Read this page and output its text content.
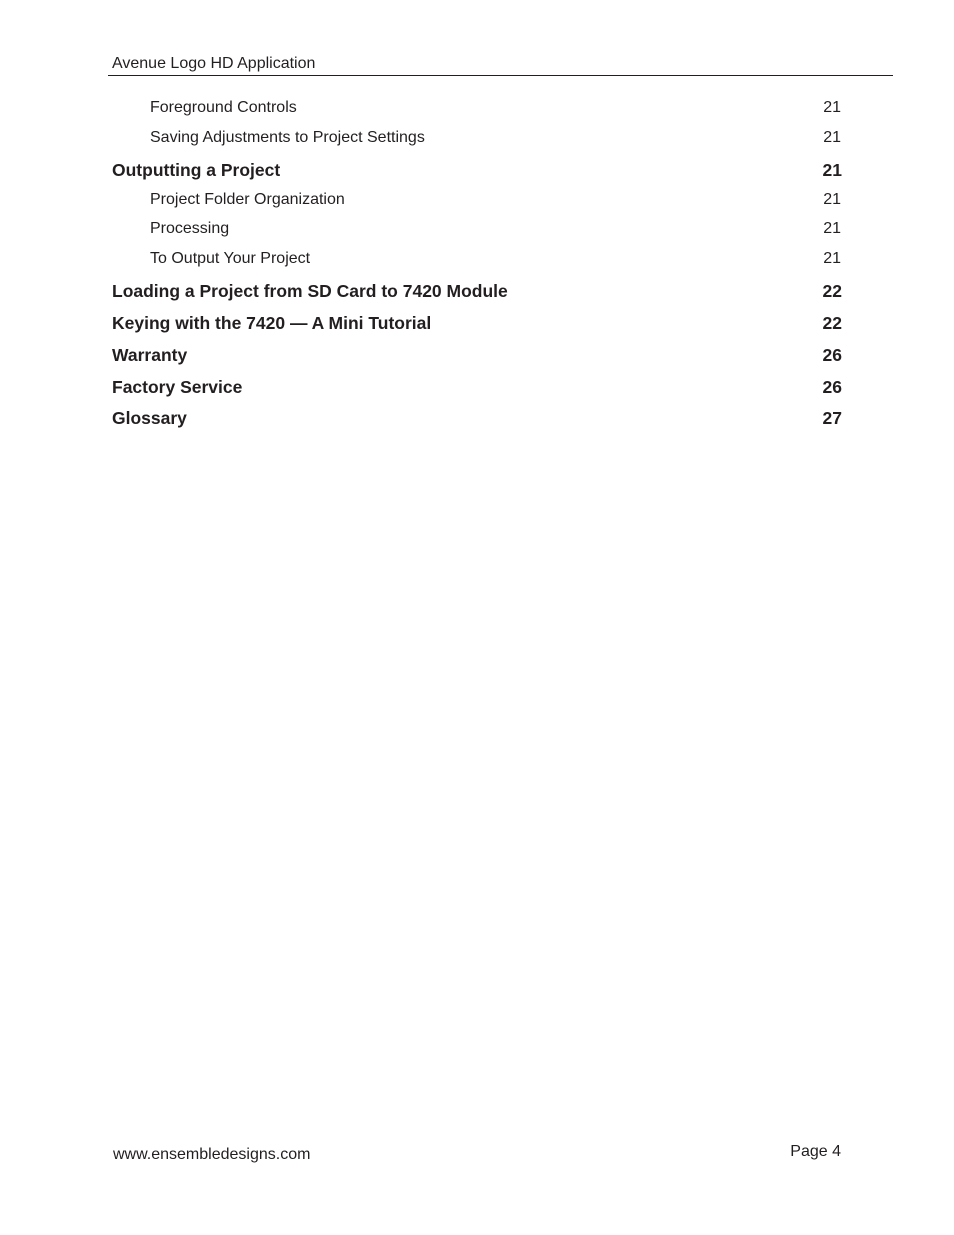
Avenue Logo HD Application
Foreground Controls	21
Saving Adjustments to Project Settings	21
Outputting a Project	21
Project Folder Organization	21
Processing	21
To Output Your Project	21
Loading a Project from SD Card to 7420 Module	22
Keying with the 7420 — A Mini Tutorial	22
Warranty	26
Factory Service	26
Glossary	27
www.ensembledesigns.com	Page 4
